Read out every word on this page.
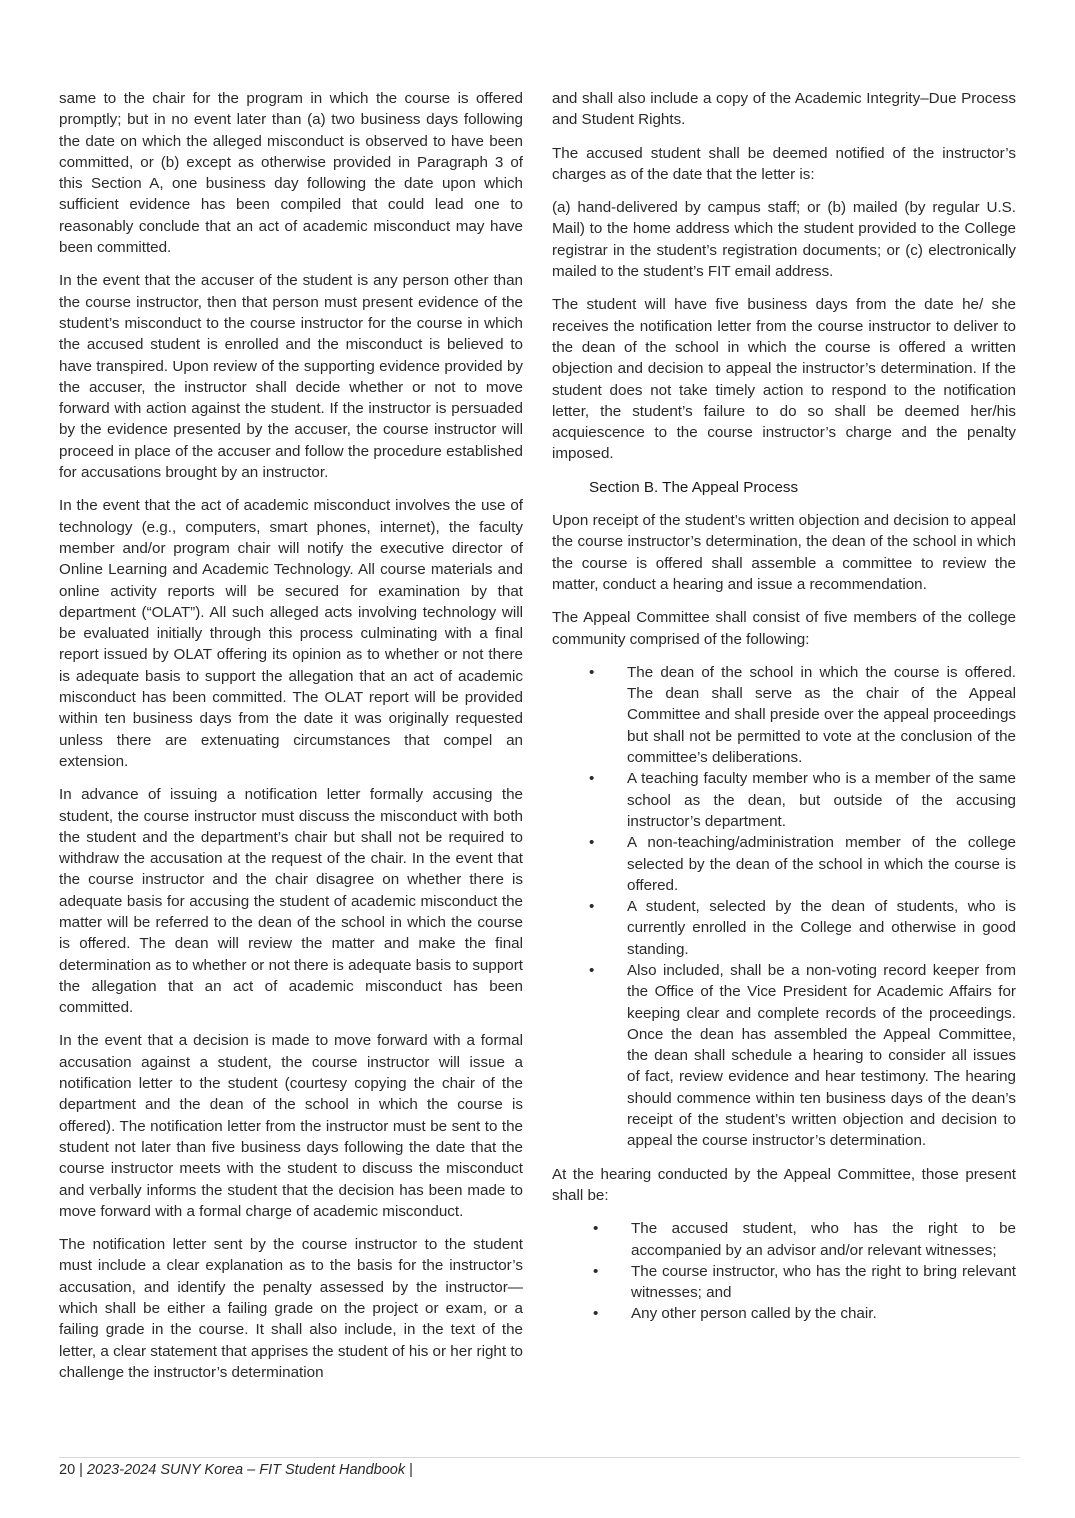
same to the chair for the program in which the course is offered promptly; but in no event later than (a) two business days following the date on which the alleged misconduct is observed to have been committed, or (b) except as otherwise provided in Paragraph 3 of this Section A, one business day following the date upon which sufficient evidence has been compiled that could lead one to reasonably conclude that an act of academic misconduct may have been committed.

In the event that the accuser of the student is any person other than the course instructor, then that person must present evidence of the student’s misconduct to the course instructor for the course in which the accused student is enrolled and the misconduct is believed to have transpired. Upon review of the supporting evidence provided by the accuser, the instructor shall decide whether or not to move forward with action against the student. If the instructor is persuaded by the evidence presented by the accuser, the course instructor will proceed in place of the accuser and follow the procedure established for accusations brought by an instructor.

In the event that the act of academic misconduct involves the use of technology (e.g., computers, smart phones, internet), the faculty member and/or program chair will notify the executive director of Online Learning and Academic Technology. All course materials and online activity reports will be secured for examination by that department (“OLAT”). All such alleged acts involving technology will be evaluated initially through this process culminating with a final report issued by OLAT offering its opinion as to whether or not there is adequate basis to support the allegation that an act of academic misconduct has been committed. The OLAT report will be provided within ten business days from the date it was originally requested unless there are extenuating circumstances that compel an extension.

In advance of issuing a notification letter formally accusing the student, the course instructor must discuss the misconduct with both the student and the department’s chair but shall not be required to withdraw the accusation at the request of the chair. In the event that the course instructor and the chair disagree on whether there is adequate basis for accusing the student of academic misconduct the matter will be referred to the dean of the school in which the course is offered. The dean will review the matter and make the final determination as to whether or not there is adequate basis to support the allegation that an act of academic misconduct has been committed.

In the event that a decision is made to move forward with a formal accusation against a student, the course instructor will issue a notification letter to the student (courtesy copying the chair of the department and the dean of the school in which the course is offered). The notification letter from the instructor must be sent to the student not later than five business days following the date that the course instructor meets with the student to discuss the misconduct and verbally informs the student that the decision has been made to move forward with a formal charge of academic misconduct.

The notification letter sent by the course instructor to the student must include a clear explanation as to the basis for the instructor’s accusation, and identify the penalty assessed by the instructor—which shall be either a failing grade on the project or exam, or a failing grade in the course. It shall also include, in the text of the letter, a clear statement that apprises the student of his or her right to challenge the instructor’s determination

and shall also include a copy of the Academic Integrity–Due Process and Student Rights.

The accused student shall be deemed notified of the instructor’s charges as of the date that the letter is:

(a) hand-delivered by campus staff; or (b) mailed (by regular U.S. Mail) to the home address which the student provided to the College registrar in the student’s registration documents; or (c) electronically mailed to the student’s FIT email address.

The student will have five business days from the date he/ she receives the notification letter from the course instructor to deliver to the dean of the school in which the course is offered a written objection and decision to appeal the instructor’s determination. If the student does not take timely action to respond to the notification letter, the student’s failure to do so shall be deemed her/his acquiescence to the course instructor’s charge and the penalty imposed.

Section B. The Appeal Process

Upon receipt of the student’s written objection and decision to appeal the course instructor’s determination, the dean of the school in which the course is offered shall assemble a committee to review the matter, conduct a hearing and issue a recommendation.

The Appeal Committee shall consist of five members of the college community comprised of the following:

•	The dean of the school in which the course is offered. The dean shall serve as the chair of the Appeal Committee and shall preside over the appeal proceedings but shall not be permitted to vote at the conclusion of the committee’s deliberations.
•	A teaching faculty member who is a member of the same school as the dean, but outside of the accusing instructor’s department.
•	A non-teaching/administration member of the college selected by the dean of the school in which the course is offered.
•	A student, selected by the dean of students, who is currently enrolled in the College and otherwise in good standing.
•	Also included, shall be a non-voting record keeper from the Office of the Vice President for Academic Affairs for keeping clear and complete records of the proceedings. Once the dean has assembled the Appeal Committee, the dean shall schedule a hearing to consider all issues of fact, review evidence and hear testimony. The hearing should commence within ten business days of the dean’s receipt of the student’s written objection and decision to appeal the course instructor’s determination.

At the hearing conducted by the Appeal Committee, those present shall be:

•	The accused student, who has the right to be accompanied by an advisor and/or relevant witnesses;
•	The course instructor, who has the right to bring relevant witnesses; and
•	Any other person called by the chair.
20 | 2023-2024 SUNY Korea – FIT Student Handbook |
